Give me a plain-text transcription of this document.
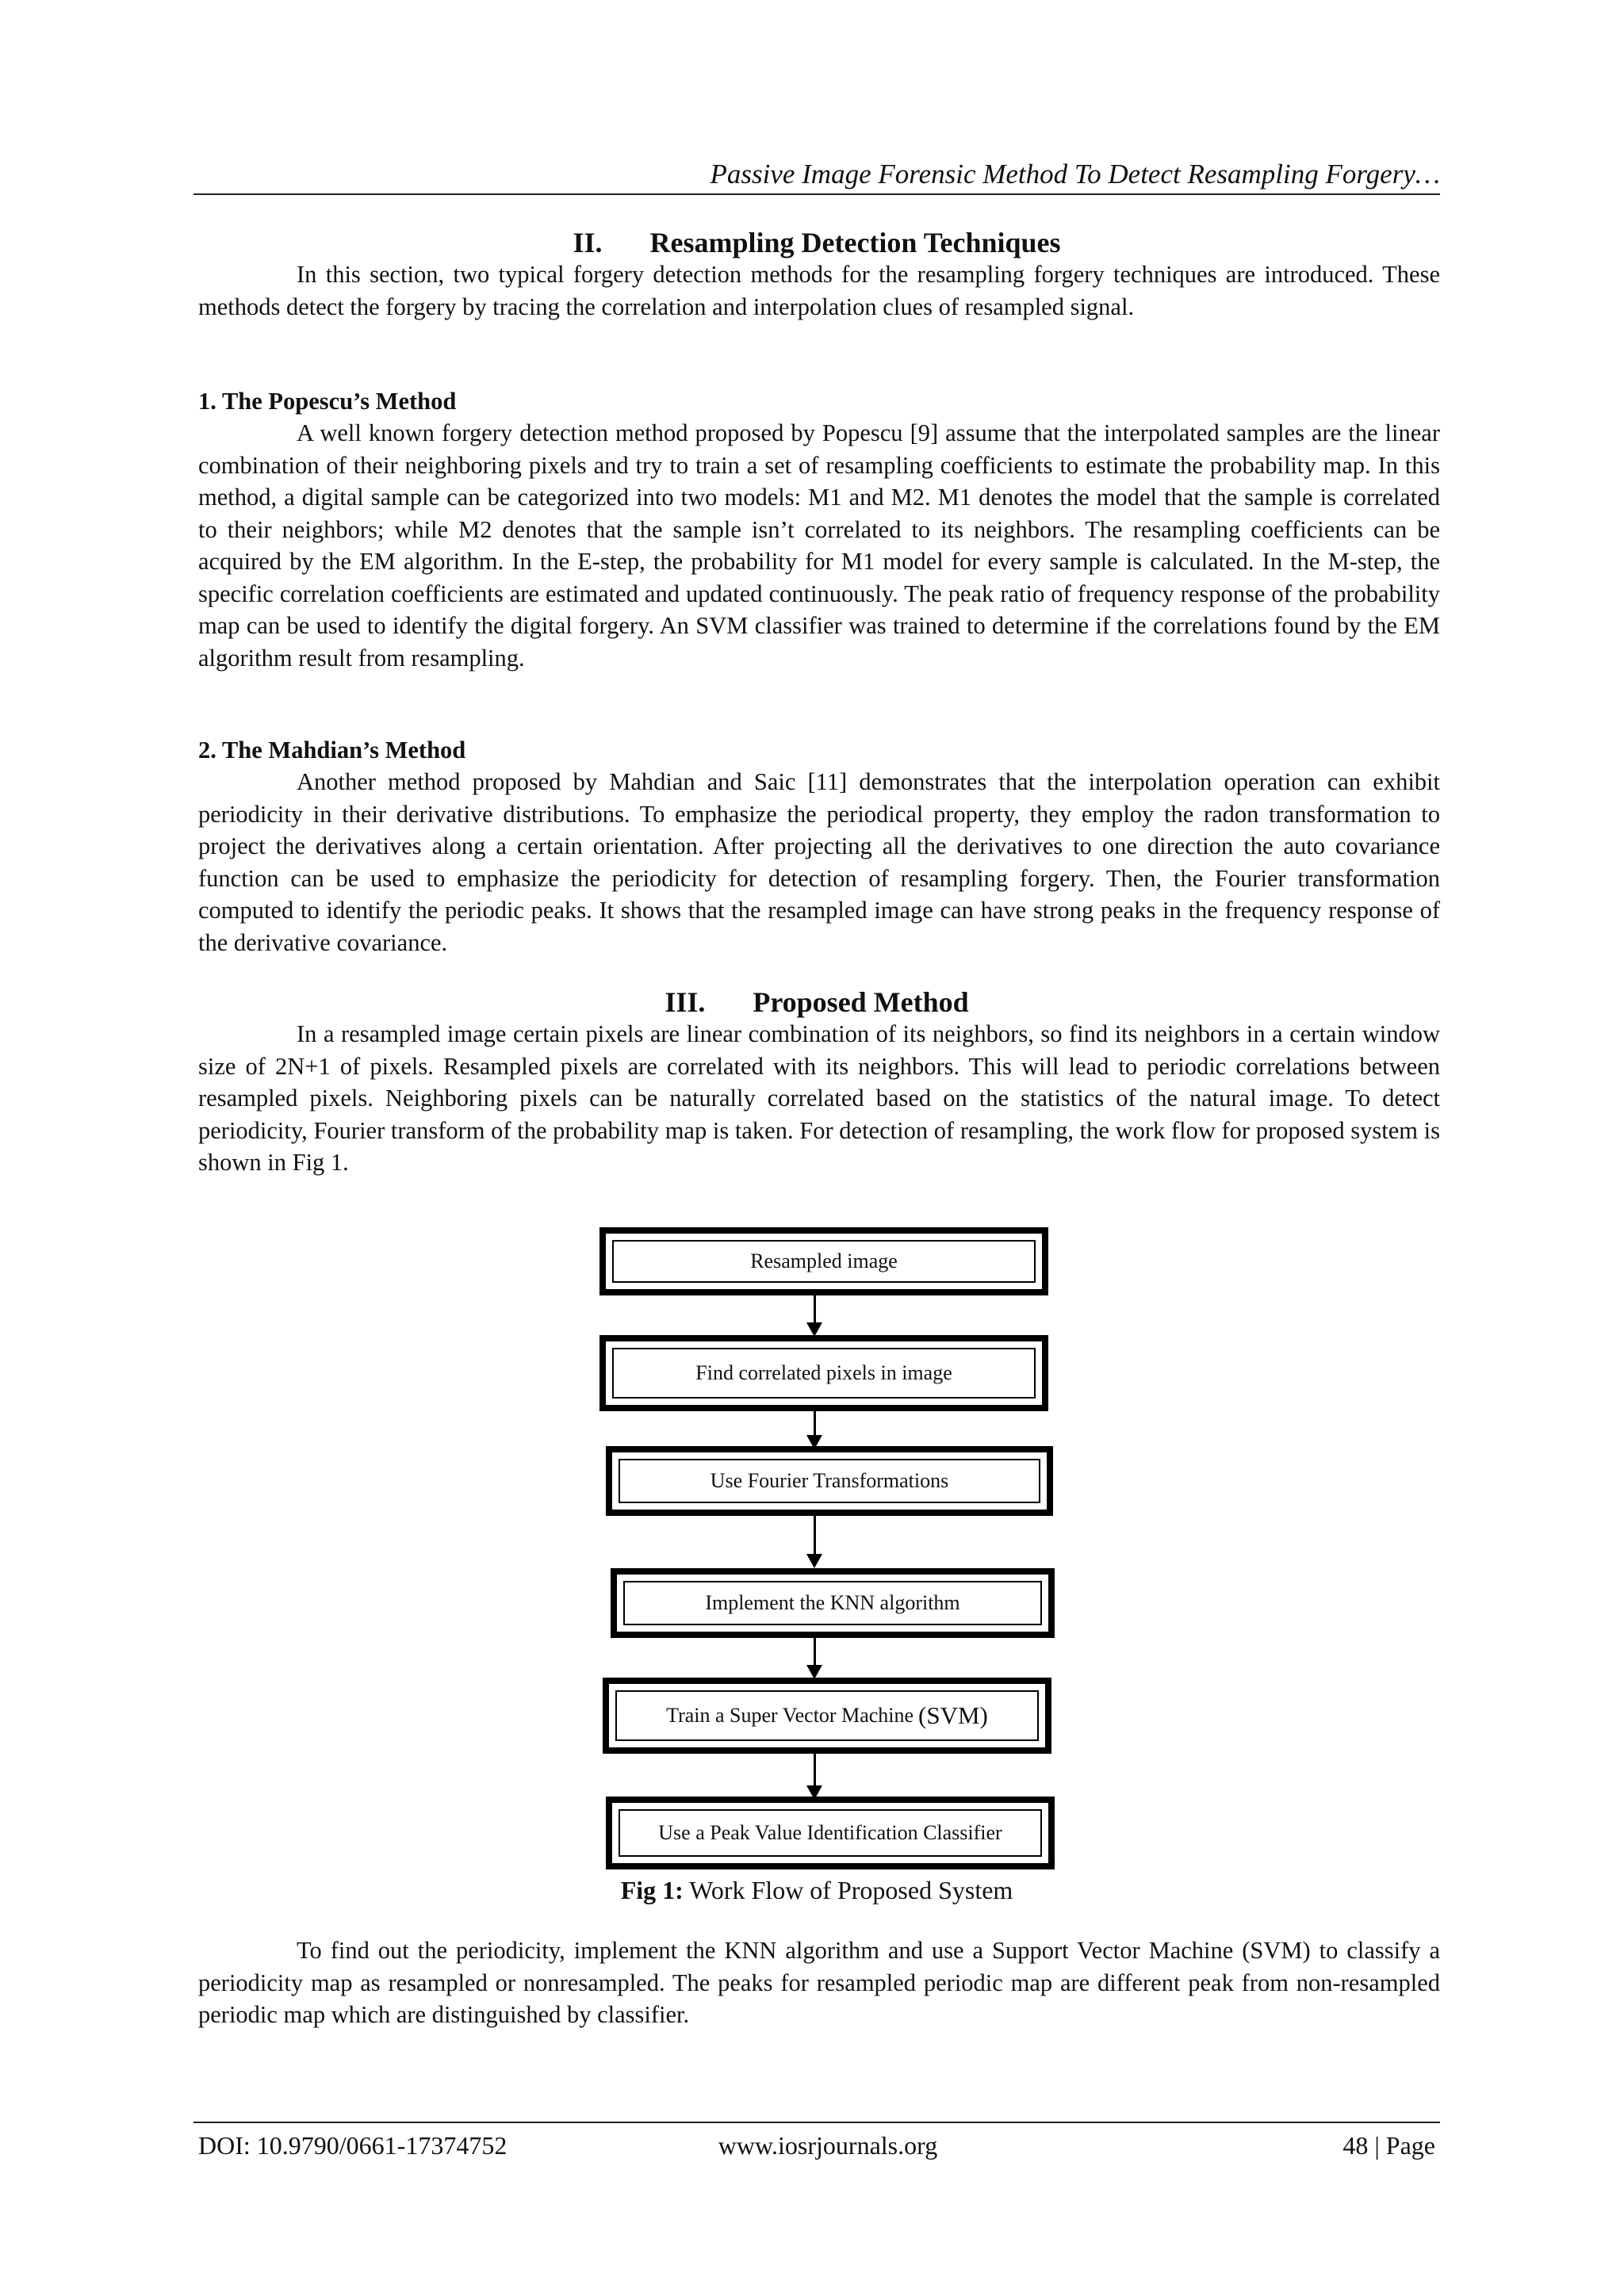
Passive Image Forensic Method To Detect Resampling Forgery…
II. Resampling Detection Techniques

In this section, two typical forgery detection methods for the resampling forgery techniques are introduced. These methods detect the forgery by tracing the correlation and interpolation clues of resampled signal.

1. The Popescu’s Method

A well known forgery detection method proposed by Popescu [9] assume that the interpolated samples are the linear combination of their neighboring pixels and try to train a set of resampling coefficients to estimate the probability map. In this method, a digital sample can be categorized into two models: M1 and M2. M1 denotes the model that the sample is correlated to their neighbors; while M2 denotes that the sample isn’t correlated to its neighbors. The resampling coefficients can be acquired by the EM algorithm. In the E-step, the probability for M1 model for every sample is calculated. In the M-step, the specific correlation coefficients are estimated and updated continuously. The peak ratio of frequency response of the probability map can be used to identify the digital forgery. An SVM classifier was trained to determine if the correlations found by the EM algorithm result from resampling.

2. The Mahdian’s Method

Another method proposed by Mahdian and Saic [11] demonstrates that the interpolation operation can exhibit periodicity in their derivative distributions. To emphasize the periodical property, they employ the radon transformation to project the derivatives along a certain orientation. After projecting all the derivatives to one direction the auto covariance function can be used to emphasize the periodicity for detection of resampling forgery. Then, the Fourier transformation computed to identify the periodic peaks. It shows that the resampled image can have strong peaks in the frequency response of the derivative covariance.

III. Proposed Method

In a resampled image certain pixels are linear combination of its neighbors, so find its neighbors in a certain window size of 2N+1 of pixels. Resampled pixels are correlated with its neighbors. This will lead to periodic correlations between resampled pixels. Neighboring pixels can be naturally correlated based on the statistics of the natural image. To detect periodicity, Fourier transform of the probability map is taken. For detection of resampling, the work flow for proposed system is shown in Fig 1.

Resampled image
Find correlated pixels in image
Use Fourier Transformations
Implement the KNN algorithm
Train a Super Vector Machine (SVM)
Use a Peak Value Identification Classifier
Fig 1: Work Flow of Proposed System

To find out the periodicity, implement the KNN algorithm and use a Support Vector Machine (SVM) to classify a periodicity map as resampled or nonresampled. The peaks for resampled periodic map are different peak from non-resampled periodic map which are distinguished by classifier.

DOI: 10.9790/0661-17374752	www.iosrjournals.org	48 | Page
